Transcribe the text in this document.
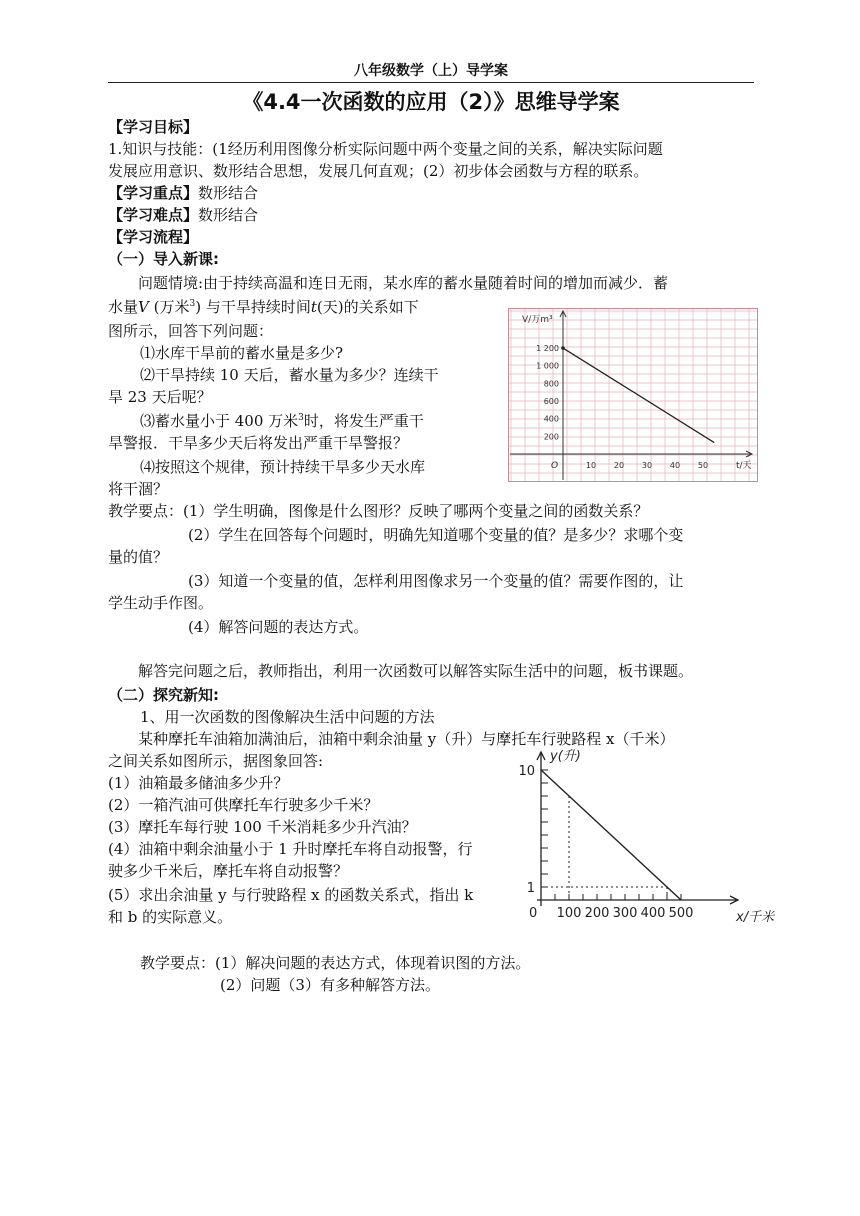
八年级数学（上）导学案
《4.4一次函数的应用（2）》思维导学案
【学习目标】
1.知识与技能：(1经历利用图像分析实际问题中两个变量之间的关系，解决实际问题
发展应用意识、数形结合思想，发展几何直观；(2）初步体会函数与方程的联系。
【学习重点】数形结合
【学习难点】数形结合
【学习流程】
（一）导入新课:
问题情境:由于持续高温和连日无雨，某水库的蓄水量随着时间的增加而减少．蓄
水量V (万米$^3$) 与干旱持续时间t(天)的关系如下
图所示，回答下列问题：
⑴水库干旱前的蓄水量是多少?
⑵干旱持续 10 天后，蓄水量为多少？连续干
旱 23 天后呢？
⑶蓄水量小于 400 万米$^3$时，将发生严重干
旱警报．干旱多少天后将发出严重干旱警报？
⑷按照这个规律，预计持续干旱多少天水库
将干涸？
教学要点：(1）学生明确，图像是什么图形？反映了哪两个变量之间的函数关系？
(2）学生在回答每个问题时，明确先知道哪个变量的值？是多少？求哪个变
量的值？
(3）知道一个变量的值，怎样利用图像求另一个变量的值？需要作图的，让
学生动手作图。
(4）解答问题的表达方式。
解答完问题之后，教师指出，利用一次函数可以解答实际生活中的问题，板书课题。
（二）探究新知:
1、用一次函数的图像解决生活中问题的方法
某种摩托车油箱加满油后，油箱中剩余油量 y（升）与摩托车行驶路程 x（千米）
之间关系如图所示，据图象回答:
(1）油箱最多储油多少升？
(2）一箱汽油可供摩托车行驶多少千米？
(3）摩托车每行驶 100 千米消耗多少升汽油？
(4）油箱中剩余油量小于 1 升时摩托车将自动报警，行
驶多少千米后，摩托车将自动报警？
(5）求出余油量 y 与行驶路程 x 的函数关系式，指出 k
和 b 的实际意义。
教学要点：(1）解决问题的表达方式，体现着识图的方法。
(2）问题（3）有多种解答方法。
200
400
600
800
1 000
1 200
10 20 30 40 50
O
V/万m³
t/天
1
10
100 200 300 400 500
0
y(升)
x/千米
